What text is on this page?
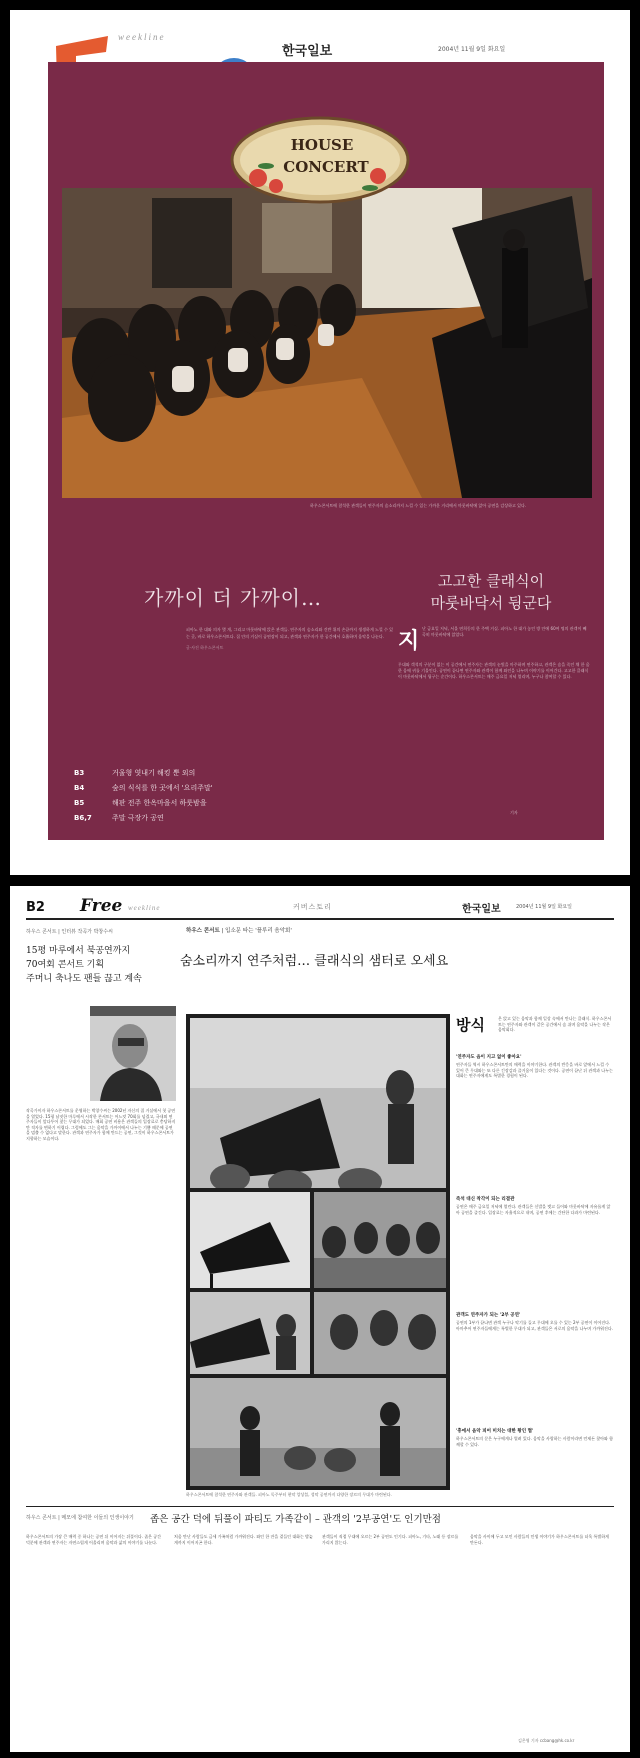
weekline
한국일보	2004년 11월 9일 화요일
HOUSE
CONCERT
하우스콘서트에 참석한 관객들이 연주자의 숨소리까지 느낄 수 있는 가까운 거리에서 마룻바닥에 앉아 공연을 감상하고 있다.
가까이 더 가까이…
고고한 클래식이
마룻바닥서 뒹군다
피아노 한 대와 의자 몇 개, 그리고 마룻바닥에 앉은 관객들. 연주자의 숨소리와 건반 위의 손끝까지 생생하게 느낄 수 있는 곳, 바로 하우스콘서트다. 집 안의 거실이 공연장이 되고, 관객과 연주자가 한 공간에서 호흡하며 음악을 나눈다.
글·사진 하우스콘서트	지 난 금요일 저녁, 서울 연희동의 한 주택 거실. 피아노 한 대가 놓인 방 안에 60여 명의 관객이 빼곡히 마룻바닥에 앉았다.
무대와 객석의 구분이 없는 이 공간에서 연주자는 관객의 눈빛을 마주하며 연주하고, 관객은 숨을 죽인 채 한 음 한 음에 귀를 기울인다. 공연이 끝나면 연주자와 관객이 함께 와인을 나누며 이야기를 이어간다. 고고한 클래식이 마룻바닥에서 뒹구는 순간이다. 하우스콘서트는 매주 금요일 저녁 열리며, 누구나 참여할 수 있다.
기자
B3	거울형 엿내기 해킹 뿐 외의
B4	숲의 식식를 한 곳에서 '요리주말'
B5	해판 전주 한옥마을서 하룻밤을
B6,7	주말 극장가 공연
B2 Free weekline	커버스토리	한국일보	2004년 11월 9일 화요일
하우스 콘서트 | 인터뷰 작곡가 박창수씨
15평 마루에서 북공연까지
70여회 콘서트 기획
주머니 축나도 팬들 끊고 계속
작곡가이자 하우스콘서트를 운영하는 박창수씨는 2002년 자신의 집 거실에서 첫 공연을 열었다. 15평 남짓한 마루에서 시작한 콘서트는 어느덧 70회를 넘겼고, 국내외 연주자들이 앞다투어 찾는 무대가 되었다. 매회 공연 비용은 관객들의 입장료로 충당하지만 적자를 면하기 어렵다. 그럼에도 그는 음악을 가까이에서 나누는 기쁨 때문에 공연을 멈출 수 없다고 말한다. 관객과 연주자가 함께 만드는 공연, 그것이 하우스콘서트가 지향하는 모습이다.
하우스 콘서트 | 입소문 타는 '플루리 음악회'
숨소리까지 연주처럼… 클래식의 샘터로 오세요
하우스콘서트에 참석한 연주자와 관객들. 피아노 독주부터 현악 앙상블, 성악 공연까지 다양한 장르의 무대가 마련된다.
방식	은 앉고 있는 음악과 함께 일상 속에서 만나는 클래식. 하우스콘서트는 연주자와 관객이 같은 공간에서 숨 쉬며 음악을 나누는 작은 음악회다.
'연주자도 음이 지고 없이 좋아요'
연주자들 역시 하우스콘서트만의 매력을 이야기한다. 관객의 반응을 바로 앞에서 느낄 수 있어 큰 무대와는 또 다른 긴장감과 즐거움이 있다는 것이다. 공연이 끝난 뒤 관객과 나누는 대화는 연주자에게도 특별한 경험이 된다.
즉석 대신 착각이 되는 리결관
공연은 매주 금요일 저녁에 열린다. 관객들은 신발을 벗고 들어와 마룻바닥에 자유롭게 앉아 공연을 즐긴다. 입장료는 자율적으로 내며, 공연 후에는 간단한 다과가 마련된다.
관객도 연주자가 되는 '2부 공연'
공연의 1부가 끝나면 관객 누구나 악기를 들고 무대에 오를 수 있는 2부 공연이 이어진다. 아마추어 연주자들에게는 특별한 무대가 되고, 관객들은 서로의 음악을 나누며 가까워진다.
'흥에서 음악 피어 미치는 대한 황인 협'
하우스콘서트의 문은 누구에게나 열려 있다. 음악을 사랑하는 사람이라면 언제든 찾아와 함께할 수 있다.
하우스 콘서트 | 메모에 참여한 이들의 인생이야기 좁은 공간 덕에 뒤풀이 파티도 가족같이 – 관객의 '2부공연'도 인기만점
하우스콘서트의 가장 큰 매력 중 하나는 공연 뒤 이어지는 뒤풀이다. 좁은 공간 덕분에 관객과 연주자는 자연스럽게 어울리며 음악과 삶의 이야기를 나눈다.
처음 만난 사람들도 금세 가족처럼 가까워진다. 와인 한 잔을 곁들인 대화는 밤늦게까지 이어지곤 한다.
관객들이 직접 무대에 오르는 2부 공연도 인기다. 피아노, 기타, 노래 등 장르를 가리지 않는다.
음악을 사이에 두고 모인 사람들의 인생 이야기가 하우스콘서트를 더욱 특별하게 만든다.
김은영 기자 ccbang@hk.co.kr
